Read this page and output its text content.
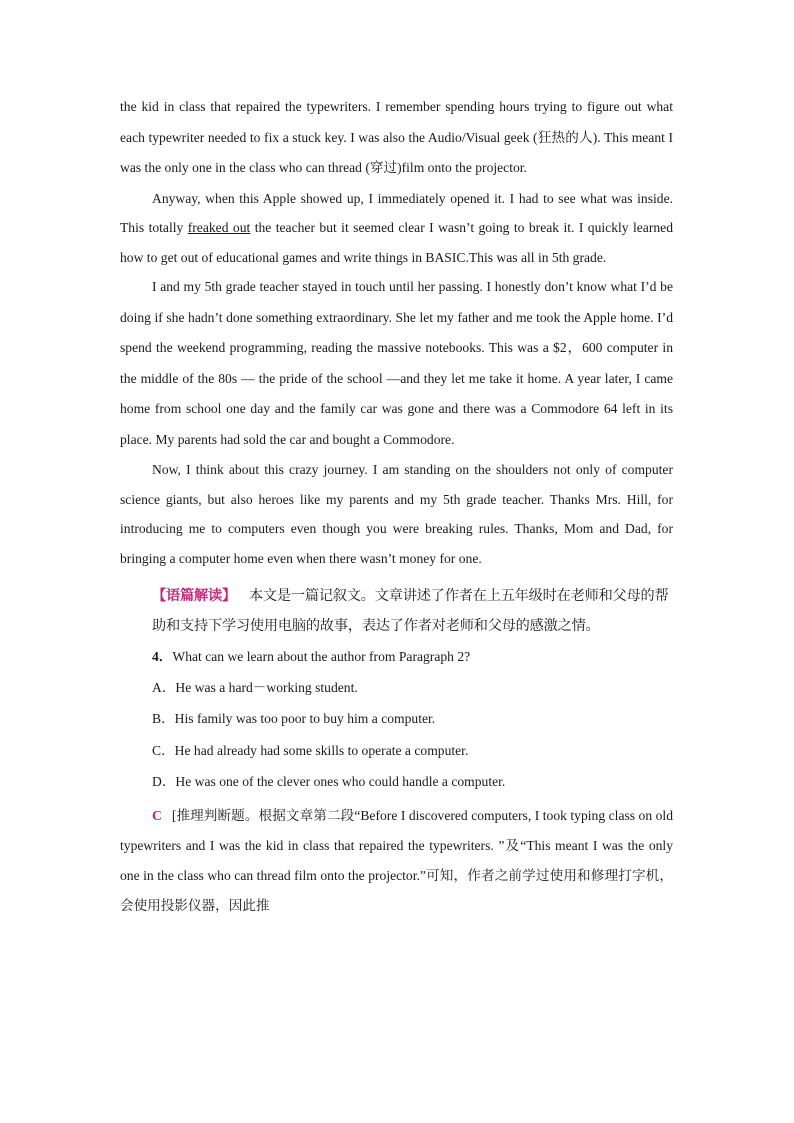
the kid in class that repaired the typewriters. I remember spending hours trying to figure out what each typewriter needed to fix a stuck key. I was also the Audio/Visual geek (狂热的人). This meant I was the only one in the class who can thread (穿过)film onto the projector.

Anyway, when this Apple showed up, I immediately opened it. I had to see what was inside. This totally freaked out the teacher but it seemed clear I wasn’t going to break it. I quickly learned how to get out of educational games and write things in BASIC.This was all in 5th grade.

I and my 5th grade teacher stayed in touch until her passing. I honestly don’t know what I’d be doing if she hadn’t done something extraordinary. She let my father and me took the Apple home. I’d spend the weekend programming, reading the massive notebooks. This was a $2，600 computer in the middle of the 80s — the pride of the school —and they let me take it home. A year later, I came home from school one day and the family car was gone and there was a Commodore 64 left in its place. My parents had sold the car and bought a Commodore.

Now, I think about this crazy journey. I am standing on the shoulders not only of computer science giants, but also heroes like my parents and my 5th grade teacher. Thanks Mrs. Hill, for introducing me to computers even though you were breaking rules. Thanks, Mom and Dad, for bringing a computer home even when there wasn’t money for one.

【语篇解读】 本文是一篇记叙文。文章讲述了作者在上五年级时在老师和父母的帮助和支持下学习使用电脑的故事，表达了作者对老师和父母的感激之情。

4．What can we learn about the author from Paragraph 2?

A．He was a hard－working student.

B．His family was too poor to buy him a computer.

C．He had already had some skills to operate a computer.

D．He was one of the clever ones who could handle a computer.

C [推理判断题。根据文章第二段“Before I discovered computers, I took typing class on old typewriters and I was the kid in class that repaired the typewriters. ”及“This meant I was the only one in the class who can thread film onto the projector.”可知，作者之前学过使用和修理打字机，会使用投影仪器，因此推
